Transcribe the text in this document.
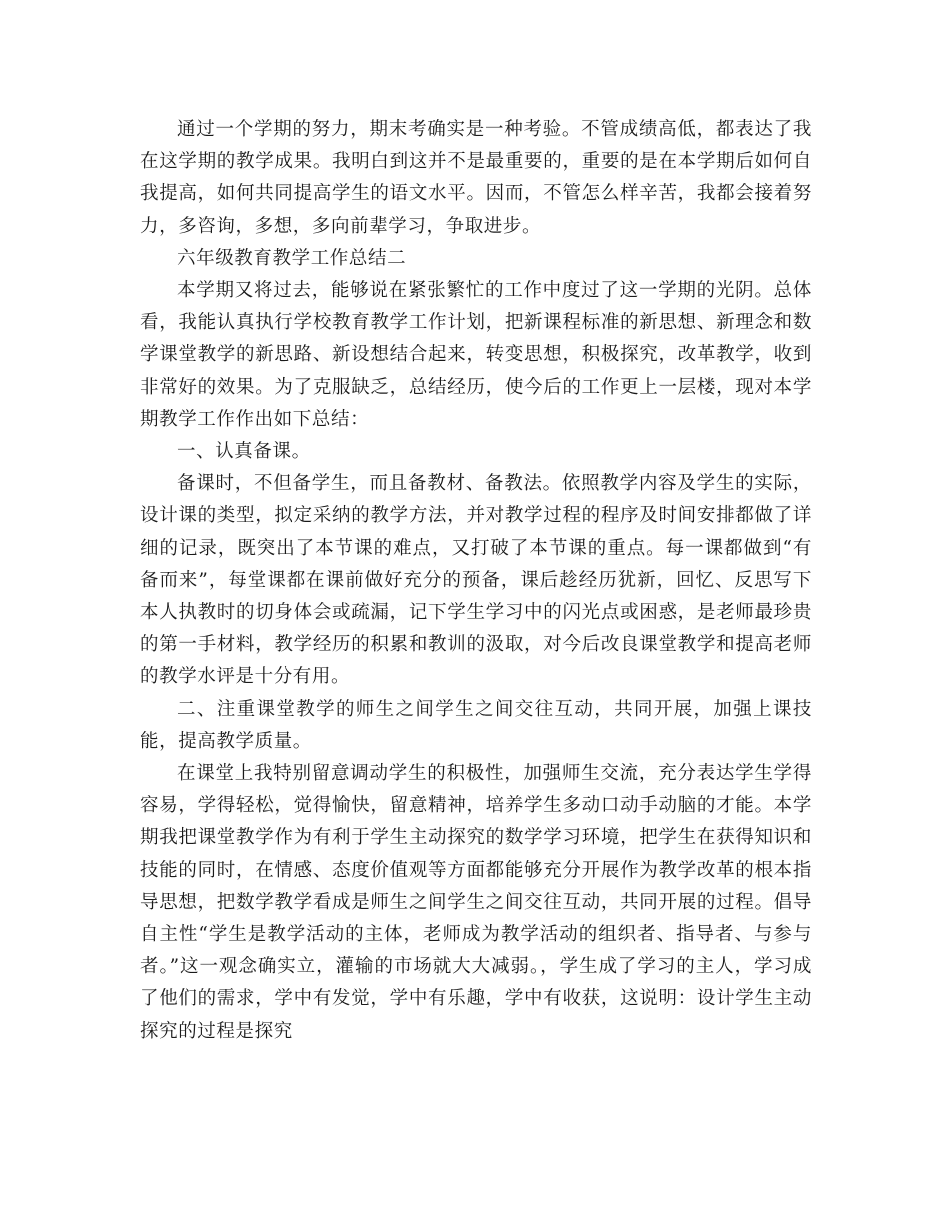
通过一个学期的努力，期末考确实是一种考验。不管成绩高低，都表达了我在这学期的教学成果。我明白到这并不是最重要的，重要的是在本学期后如何自我提高，如何共同提高学生的语文水平。因而，不管怎么样辛苦，我都会接着努力，多咨询，多想，多向前辈学习，争取进步。

六年级教育教学工作总结二

本学期又将过去，能够说在紧张繁忙的工作中度过了这一学期的光阴。总体看，我能认真执行学校教育教学工作计划，把新课程标准的新思想、新理念和数学课堂教学的新思路、新设想结合起来，转变思想，积极探究，改革教学，收到非常好的效果。为了克服缺乏，总结经历，使今后的工作更上一层楼，现对本学期教学工作作出如下总结：

一、认真备课。

备课时，不但备学生，而且备教材、备教法。依照教学内容及学生的实际，设计课的类型，拟定采纳的教学方法，并对教学过程的程序及时间安排都做了详细的记录，既突出了本节课的难点，又打破了本节课的重点。每一课都做到“有备而来”，每堂课都在课前做好充分的预备，课后趁经历犹新，回忆、反思写下本人执教时的切身体会或疏漏，记下学生学习中的闪光点或困惑，是老师最珍贵的第一手材料，教学经历的积累和教训的汲取，对今后改良课堂教学和提高老师的教学水评是十分有用。

二、注重课堂教学的师生之间学生之间交往互动，共同开展，加强上课技能，提高教学质量。

在课堂上我特别留意调动学生的积极性，加强师生交流，充分表达学生学得容易，学得轻松，觉得愉快，留意精神，培养学生多动口动手动脑的才能。本学期我把课堂教学作为有利于学生主动探究的数学学习环境，把学生在获得知识和技能的同时，在情感、态度价值观等方面都能够充分开展作为教学改革的根本指导思想，把数学教学看成是师生之间学生之间交往互动，共同开展的过程。倡导自主性“学生是教学活动的主体，老师成为教学活动的组织者、指导者、与参与者。”这一观念确实立，灌输的市场就大大减弱。，学生成了学习的主人，学习成了他们的需求，学中有发觉，学中有乐趣，学中有收获，这说明：设计学生主动探究的过程是探究
